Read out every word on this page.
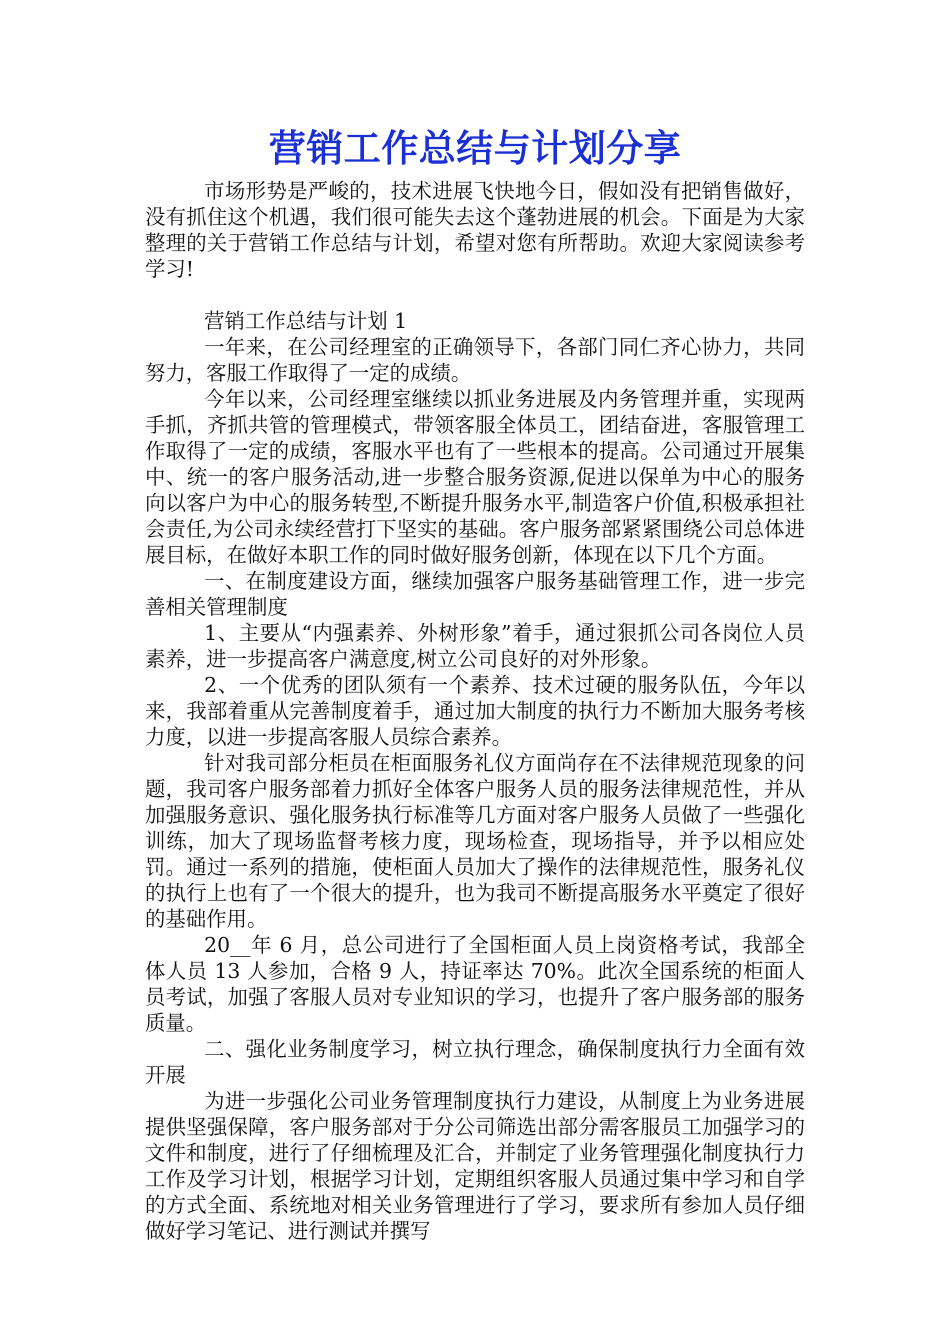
营销工作总结与计划分享

市场形势是严峻的，技术进展飞快地今日，假如没有把销售做好，没有抓住这个机遇，我们很可能失去这个蓬勃进展的机会。下面是为大家整理的关于营销工作总结与计划，希望对您有所帮助。欢迎大家阅读参考学习!

营销工作总结与计划 1

一年来，在公司经理室的正确领导下，各部门同仁齐心协力，共同努力，客服工作取得了一定的成绩。

今年以来，公司经理室继续以抓业务进展及内务管理并重，实现两手抓，齐抓共管的管理模式，带领客服全体员工，团结奋进，客服管理工作取得了一定的成绩，客服水平也有了一些根本的提高。公司通过开展集中、统一的客户服务活动,进一步整合服务资源,促进以保单为中心的服务向以客户为中心的服务转型,不断提升服务水平,制造客户价值,积极承担社会责任,为公司永续经营打下坚实的基础。客户服务部紧紧围绕公司总体进展目标，在做好本职工作的同时做好服务创新，体现在以下几个方面。

一、在制度建设方面，继续加强客户服务基础管理工作，进一步完善相关管理制度

1、主要从“内强素养、外树形象”着手，通过狠抓公司各岗位人员素养，进一步提高客户满意度,树立公司良好的对外形象。

2、一个优秀的团队须有一个素养、技术过硬的服务队伍，今年以来，我部着重从完善制度着手，通过加大制度的执行力不断加大服务考核力度，以进一步提高客服人员综合素养。

针对我司部分柜员在柜面服务礼仪方面尚存在不法律规范现象的问题，我司客户服务部着力抓好全体客户服务人员的服务法律规范性，并从加强服务意识、强化服务执行标准等几方面对客户服务人员做了一些强化训练，加大了现场监督考核力度，现场检查，现场指导，并予以相应处罚。通过一系列的措施，使柜面人员加大了操作的法律规范性，服务礼仪的执行上也有了一个很大的提升，也为我司不断提高服务水平奠定了很好的基础作用。

20__年 6 月，总公司进行了全国柜面人员上岗资格考试，我部全体人员 13 人参加，合格 9 人，持证率达 70%。此次全国系统的柜面人员考试，加强了客服人员对专业知识的学习，也提升了客户服务部的服务质量。

二、强化业务制度学习，树立执行理念，确保制度执行力全面有效开展

为进一步强化公司业务管理制度执行力建设，从制度上为业务进展提供坚强保障，客户服务部对于分公司筛选出部分需客服员工加强学习的文件和制度，进行了仔细梳理及汇合，并制定了业务管理强化制度执行力工作及学习计划，根据学习计划，定期组织客服人员通过集中学习和自学的方式全面、系统地对相关业务管理进行了学习，要求所有参加人员仔细做好学习笔记、进行测试并撰写
